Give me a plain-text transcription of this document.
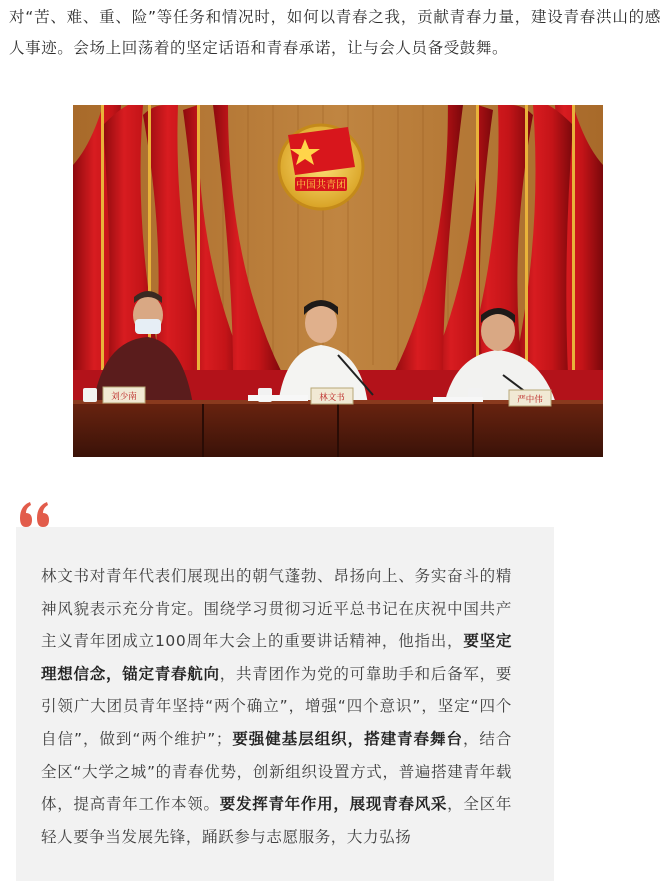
对“苦、难、重、险”等任务和情况时，如何以青春之我，贡献青春力量，建设青春洪山的感人事迹。会场上回荡着的坚定话语和青春承诺，让与会人员备受鼓舞。

中国共青团
刘少南	林文书	严中伟

林文书对青年代表们展现出的朝气蓬勃、昂扬向上、务实奋斗的精神风貌表示充分肯定。围绕学习贯彻习近平总书记在庆祝中国共产主义青年团成立100周年大会上的重要讲话精神，他指出，要坚定理想信念，锚定青春航向，共青团作为党的可靠助手和后备军，要引领广大团员青年坚持“两个确立”，增强“四个意识”，坚定“四个自信”，做到“两个维护”；要强健基层组织，搭建青春舞台，结合全区“大学之城”的青春优势，创新组织设置方式，普遍搭建青年载体，提高青年工作本领。要发挥青年作用，展现青春风采，全区年轻人要争当发展先锋，踊跃参与志愿服务，大力弘扬
